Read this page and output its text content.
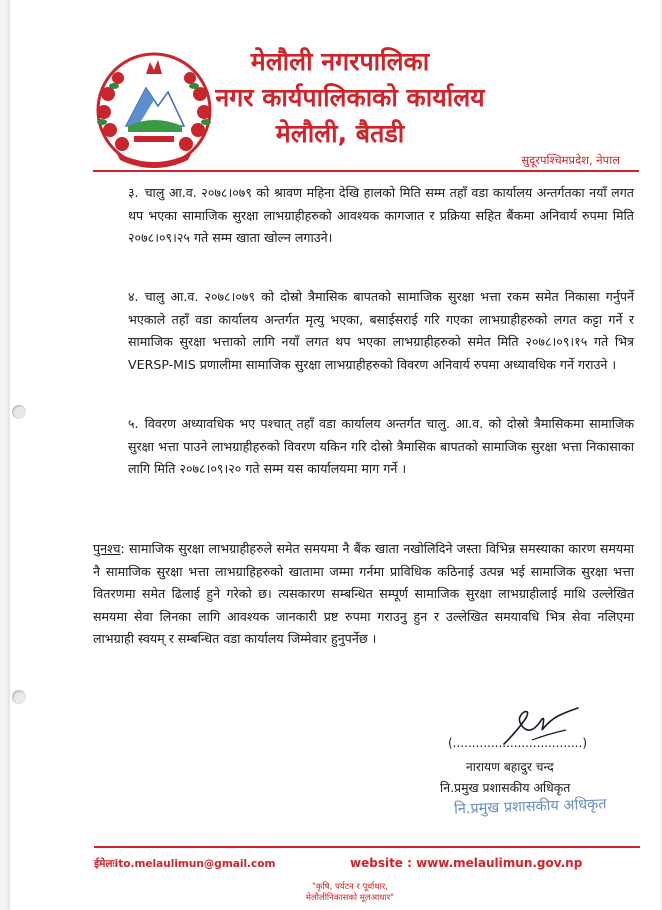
मेलौली नगरपालिका
नगर कार्यपालिकाको कार्यालय
मेलौली, बैतडी
सुदूरपश्चिमप्रदेश, नेपाल
३. चालु आ.व. २०७८।०७९ को श्रावण महिना देखि हालको मिति सम्म तहाँ वडा कार्यालय अन्तर्गतका नयाँ लगत थप भएका सामाजिक सुरक्षा लाभग्राहीहरुको आवश्यक कागजात र प्रक्रिया सहित बैंकमा अनिवार्य रुपमा मिति २०७८।०९।२५ गते सम्म खाता खोल्न लगाउने।
४. चालु आ.व. २०७८।०७९ को दोस्रो त्रैमासिक बापतको सामाजिक सुरक्षा भत्ता रकम समेत निकासा गर्नुपर्ने भएकाले तहाँ वडा कार्यालय अन्तर्गत मृत्यु भएका, बसाईसराई गरि गएका लाभग्राहीहरुको लगत कट्टा गर्ने र सामाजिक सुरक्षा भत्ताको लागि नयाँ लगत थप भएका लाभग्राहीहरुको समेत मिति २०७८।०९।१५ गते भित्र VERSP-MIS प्रणालीमा सामाजिक सुरक्षा लाभग्राहीहरुको विवरण अनिवार्य रुपमा अध्यावधिक गर्ने गराउने ।
५. विवरण अध्यावधिक भए पश्चात् तहाँ वडा कार्यालय अन्तर्गत चालु. आ.व. को दोस्रो त्रैमासिकमा सामाजिक सुरक्षा भत्ता पाउने लाभग्राहीहरुको विवरण यकिन गरि दोस्रो त्रैमासिक बापतको सामाजिक सुरक्षा भत्ता निकासाका लागि मिति २०७८।०९।२० गते सम्म यस कार्यालयमा माग गर्ने ।
पुनश्च: सामाजिक सुरक्षा लाभग्राहीहरुले समेत समयमा नै बैंक खाता नखोलिदिने जस्ता विभिन्न समस्याका कारण समयमा नै सामाजिक सुरक्षा भत्ता लाभग्राहिहरुको खातामा जम्मा गर्नमा प्राविधिक कठिनाई उत्पन्न भई सामाजिक सुरक्षा भत्ता वितरणमा समेत ढिलाई हुने गरेको छ। त्यसकारण सम्बन्धित सम्पूर्ण सामाजिक सुरक्षा लाभग्राहीलाई माथि उल्लेखित समयमा सेवा लिनका लागि आवश्यक जानकारी प्रष्ट रुपमा गराउनु हुन र उल्लेखित समयावधि भित्र सेवा नलिएमा लाभग्राही स्वयम् र सम्बन्धित वडा कार्यालय जिम्मेवार हुनुपर्नेछ ।
(..................................)
नारायण बहादुर चन्द
नि.प्रमुख प्रशासकीय अधिकृत
नि.प्रमुख प्रशासकीय अधिकृत
ईमेलःito.melaulimun@gmail.com	website : www.melaulimun.gov.np
"कृषि, पर्यटन र पूर्वाधार,
मेलौलीनिकासको मूलआधार"
